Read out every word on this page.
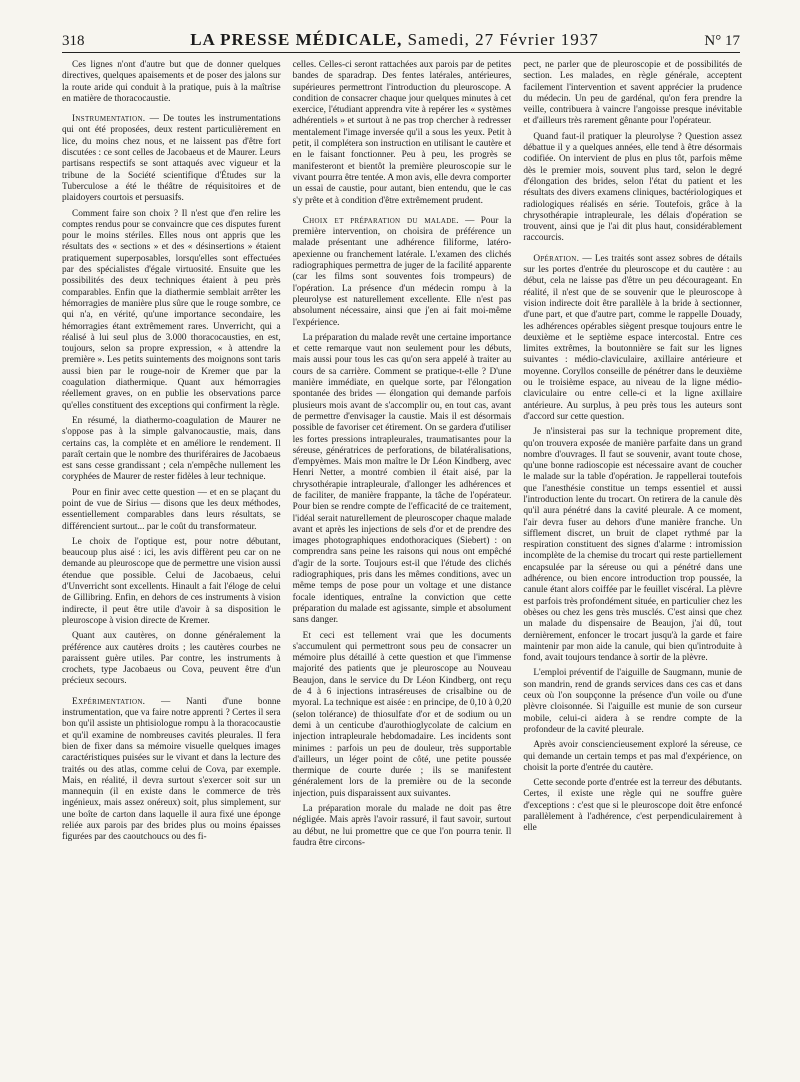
318	LA PRESSE MÉDICALE, Samedi, 27 Février 1937	N° 17

Ces lignes n'ont d'autre but que de donner quelques directives, quelques apaisements et de poser des jalons sur la route aride qui conduit à la pratique, puis à la maîtrise en matière de thoracocaustie.

Instrumentation. — De toutes les instrumentations qui ont été proposées, deux restent particulièrement en lice, du moins chez nous, et ne laissent pas d'être fort discutées : ce sont celles de Jacobaeus et de Maurer. Leurs partisans respectifs se sont attaqués avec vigueur et la tribune de la Société scientifique d'Études sur la Tuberculose a été le théâtre de réquisitoires et de plaidoyers courtois et persuasifs.

Comment faire son choix ? Il n'est que d'en relire les comptes rendus pour se convaincre que ces disputes furent pour le moins stériles. Elles nous ont appris que les résultats des « sections » et des « désinsertions » étaient pratiquement superposables, lorsqu'elles sont effectuées par des spécialistes d'égale virtuosité. Ensuite que les possibilités des deux techniques étaient à peu près comparables. Enfin que la diathermie semblait arrêter les hémorragies de manière plus sûre que le rouge sombre, ce qui n'a, en vérité, qu'une importance secondaire, les hémorragies étant extrêmement rares. Unverricht, qui a réalisé à lui seul plus de 3.000 thoracocausties, en est, toujours, selon sa propre expression, « à attendre la première ». Les petits suintements des moignons sont taris aussi bien par le rouge-noir de Kremer que par la coagulation diathermique. Quant aux hémorragies réellement graves, on en publie les observations parce qu'elles constituent des exceptions qui confirment la règle.

En résumé, la diathermo-coagulation de Maurer ne s'oppose pas à la simple galvanocaustie, mais, dans certains cas, la complète et en améliore le rendement. Il paraît certain que le nombre des thuriféraires de Jacobaeus est sans cesse grandissant ; cela n'empêche nullement les coryphées de Maurer de rester fidèles à leur technique.

Pour en finir avec cette question — et en se plaçant du point de vue de Sirius — disons que les deux méthodes, essentiellement comparables dans leurs résultats, se différencient surtout... par le coût du transformateur.

Le choix de l'optique est, pour notre débutant, beaucoup plus aisé : ici, les avis diffèrent peu car on ne demande au pleuroscope que de permettre une vision aussi étendue que possible. Celui de Jacobaeus, celui d'Unverricht sont excellents. Hinault a fait l'éloge de celui de Gillibring. Enfin, en dehors de ces instruments à vision indirecte, il peut être utile d'avoir à sa disposition le pleuroscope à vision directe de Kremer.

Quant aux cautères, on donne généralement la préférence aux cautères droits ; les cautères courbes ne paraissent guère utiles. Par contre, les instruments à crochets, type Jacobaeus ou Cova, peuvent être d'un précieux secours.

Expérimentation. — Nanti d'une bonne instrumentation, que va faire notre apprenti ? Certes il sera bon qu'il assiste un phtisiologue rompu à la thoracocaustie et qu'il examine de nombreuses cavités pleurales. Il fera bien de fixer dans sa mémoire visuelle quelques images caractéristiques puisées sur le vivant et dans la lecture des traités ou des atlas, comme celui de Cova, par exemple. Mais, en réalité, il devra surtout s'exercer soit sur un mannequin (il en existe dans le commerce de très ingénieux, mais assez onéreux) soit, plus simplement, sur une boîte de carton dans laquelle il aura fixé une éponge reliée aux parois par des brides plus ou moins épaisses figurées par des caoutchoucs ou des fi-

celles. Celles-ci seront rattachées aux parois par de petites bandes de sparadrap. Des fentes latérales, antérieures, supérieures permettront l'introduction du pleuroscope. A condition de consacrer chaque jour quelques minutes à cet exercice, l'étudiant apprendra vite à repérer les « systèmes adhérentiels » et surtout à ne pas trop chercher à redresser mentalement l'image inversée qu'il a sous les yeux. Petit à petit, il complétera son instruction en utilisant le cautère et en le faisant fonctionner. Peu à peu, les progrès se manifesteront et bientôt la première pleuroscopie sur le vivant pourra être tentée. A mon avis, elle devra comporter un essai de caustie, pour autant, bien entendu, que le cas s'y prête et à condition d'être extrêmement prudent.

Choix et préparation du malade. — Pour la première intervention, on choisira de préférence un malade présentant une adhérence filiforme, latéro-apexienne ou franchement latérale. L'examen des clichés radiographiques permettra de juger de la facilité apparente (car les films sont souventes fois trompeurs) de l'opération. La présence d'un médecin rompu à la pleurolyse est naturellement excellente. Elle n'est pas absolument nécessaire, ainsi que j'en ai fait moi-même l'expérience.

La préparation du malade revêt une certaine importance et cette remarque vaut non seulement pour les débuts, mais aussi pour tous les cas qu'on sera appelé à traiter au cours de sa carrière. Comment se pratique-t-elle ? D'une manière immédiate, en quelque sorte, par l'élongation spontanée des brides — élongation qui demande parfois plusieurs mois avant de s'accomplir ou, en tout cas, avant de permettre d'envisager la caustie. Mais il est désormais possible de favoriser cet étirement. On se gardera d'utiliser les fortes pressions intrapleurales, traumatisantes pour la séreuse, génératrices de perforations, de bilatéralisations, d'empyèmes. Mais mon maître le Dr Léon Kindberg, avec Henri Netter, a montré combien il était aisé, par la chrysothérapie intrapleurale, d'allonger les adhérences et de faciliter, de manière frappante, la tâche de l'opérateur. Pour bien se rendre compte de l'efficacité de ce traitement, l'idéal serait naturellement de pleuroscoper chaque malade avant et après les injections de sels d'or et de prendre des images photographiques endothoraciques (Siebert) : on comprendra sans peine les raisons qui nous ont empêché d'agir de la sorte. Toujours est-il que l'étude des clichés radiographiques, pris dans les mêmes conditions, avec un même temps de pose pour un voltage et une distance focale identiques, entraîne la conviction que cette préparation du malade est agissante, simple et absolument sans danger.

Et ceci est tellement vrai que les documents s'accumulent qui permettront sous peu de consacrer un mémoire plus détaillé à cette question et que l'immense majorité des patients que je pleuroscope au Nouveau Beaujon, dans le service du Dr Léon Kindberg, ont reçu de 4 à 6 injections intraséreuses de crisalbine ou de myoral. La technique est aisée : en principe, de 0,10 à 0,20 (selon tolérance) de thiosulfate d'or et de sodium ou un demi à un centicube d'aurothioglycolate de calcium en injection intrapleurale hebdomadaire. Les incidents sont minimes : parfois un peu de douleur, très supportable d'ailleurs, un léger point de côté, une petite poussée thermique de courte durée ; ils se manifestent généralement lors de la première ou de la seconde injection, puis disparaissent aux suivantes.

La préparation morale du malade ne doit pas être négligée. Mais après l'avoir rassuré, il faut savoir, surtout au début, ne lui promettre que ce que l'on pourra tenir. Il faudra être circons-

pect, ne parler que de pleuroscopie et de possibilités de section. Les malades, en règle générale, acceptent facilement l'intervention et savent apprécier la prudence du médecin. Un peu de gardénal, qu'on fera prendre la veille, contribuera à vaincre l'angoisse presque inévitable et d'ailleurs très rarement gênante pour l'opérateur.

Quand faut-il pratiquer la pleurolyse ? Question assez débattue il y a quelques années, elle tend à être désormais codifiée. On intervient de plus en plus tôt, parfois même dès le premier mois, souvent plus tard, selon le degré d'élongation des brides, selon l'état du patient et les résultats des divers examens cliniques, bactériologiques et radiologiques réalisés en série. Toutefois, grâce à la chrysothérapie intrapleurale, les délais d'opération se trouvent, ainsi que je l'ai dit plus haut, considérablement raccourcis.

Opération. — Les traités sont assez sobres de détails sur les portes d'entrée du pleuroscope et du cautère : au début, cela ne laisse pas d'être un peu décourageant. En réalité, il n'est que de se souvenir que le pleuroscope à vision indirecte doit être parallèle à la bride à sectionner, d'une part, et que d'autre part, comme le rappelle Douady, les adhérences opérables siègent presque toujours entre le deuxième et le septième espace intercostal. Entre ces limites extrêmes, la boutonnière se fait sur les lignes suivantes : médio-claviculaire, axillaire antérieure et moyenne. Coryllos conseille de pénétrer dans le deuxième ou le troisième espace, au niveau de la ligne médio-claviculaire ou entre celle-ci et la ligne axillaire antérieure. Au surplus, à peu près tous les auteurs sont d'accord sur cette question.

Je n'insisterai pas sur la technique proprement dite, qu'on trouvera exposée de manière parfaite dans un grand nombre d'ouvrages. Il faut se souvenir, avant toute chose, qu'une bonne radioscopie est nécessaire avant de coucher le malade sur la table d'opération. Je rappellerai toutefois que l'anesthésie constitue un temps essentiel et aussi l'introduction lente du trocart. On retirera de la canule dès qu'il aura pénétré dans la cavité pleurale. A ce moment, l'air devra fuser au dehors d'une manière franche. Un sifflement discret, un bruit de clapet rythmé par la respiration constituent des signes d'alarme : intromission incomplète de la chemise du trocart qui reste partiellement encapsulée par la séreuse ou qui a pénétré dans une adhérence, ou bien encore introduction trop poussée, la canule étant alors coiffée par le feuillet viscéral. La plèvre est parfois très profondément située, en particulier chez les obèses ou chez les gens très musclés. C'est ainsi que chez un malade du dispensaire de Beaujon, j'ai dû, tout dernièrement, enfoncer le trocart jusqu'à la garde et faire maintenir par mon aide la canule, qui bien qu'introduite à fond, avait toujours tendance à sortir de la plèvre.

L'emploi préventif de l'aiguille de Saugmann, munie de son mandrin, rend de grands services dans ces cas et dans ceux où l'on soupçonne la présence d'un voile ou d'une plèvre cloisonnée. Si l'aiguille est munie de son curseur mobile, celui-ci aidera à se rendre compte de la profondeur de la cavité pleurale.

Après avoir consciencieusement exploré la séreuse, ce qui demande un certain temps et pas mal d'expérience, on choisit la porte d'entrée du cautère.

Cette seconde porte d'entrée est la terreur des débutants. Certes, il existe une règle qui ne souffre guère d'exceptions : c'est que si le pleuroscope doit être enfoncé parallèlement à l'adhérence, c'est perpendiculairement à elle
